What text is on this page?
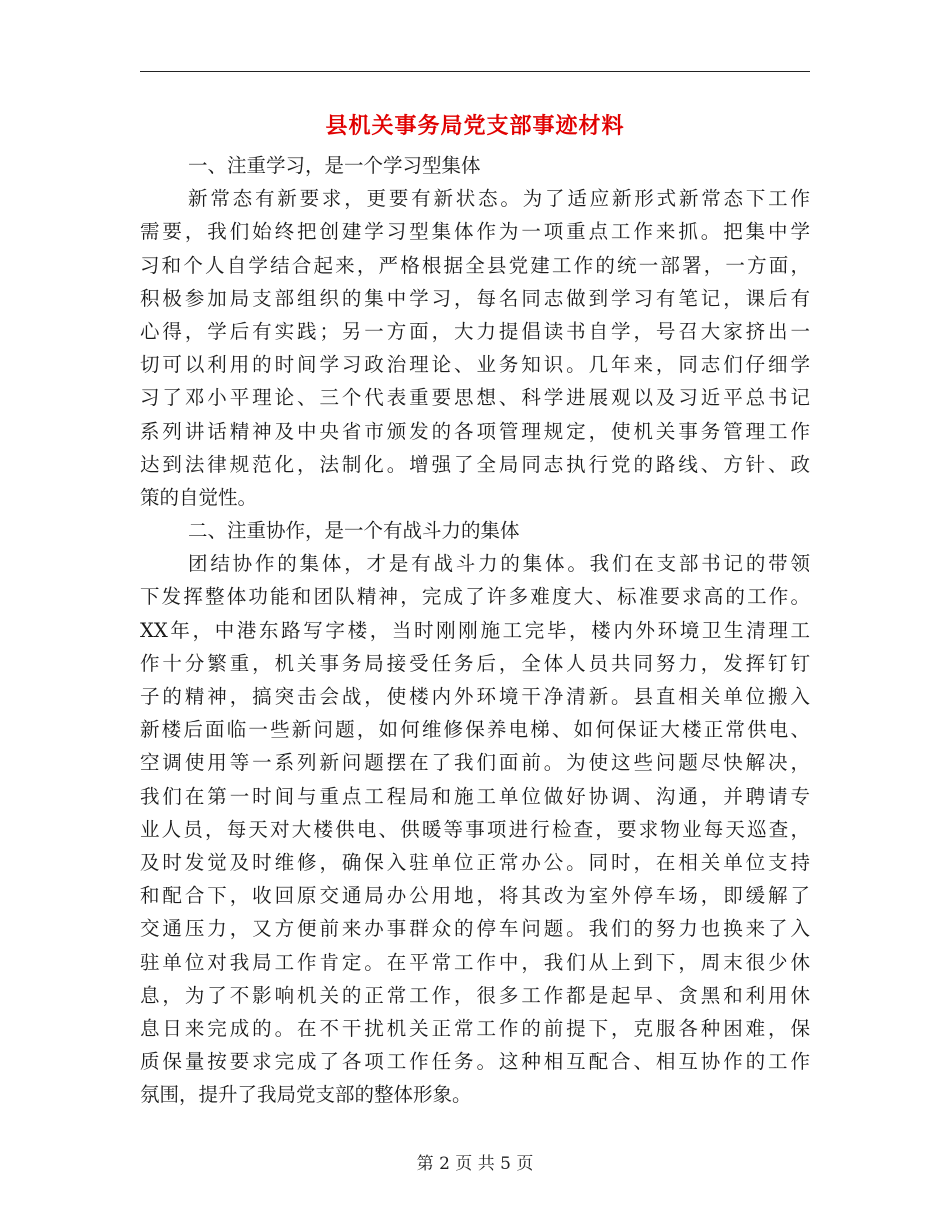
县机关事务局党支部事迹材料
一、注重学习，是一个学习型集体
新常态有新要求，更要有新状态。为了适应新形式新常态下工作
需要，我们始终把创建学习型集体作为一项重点工作来抓。把集中学
习和个人自学结合起来，严格根据全县党建工作的统一部署，一方面，
积极参加局支部组织的集中学习，每名同志做到学习有笔记，课后有
心得，学后有实践；另一方面，大力提倡读书自学，号召大家挤出一
切可以利用的时间学习政治理论、业务知识。几年来，同志们仔细学
习了邓小平理论、三个代表重要思想、科学进展观以及习近平总书记
系列讲话精神及中央省市颁发的各项管理规定，使机关事务管理工作
达到法律规范化，法制化。增强了全局同志执行党的路线、方针、政
策的自觉性。
二、注重协作，是一个有战斗力的集体
团结协作的集体，才是有战斗力的集体。我们在支部书记的带领
下发挥整体功能和团队精神，完成了许多难度大、标准要求高的工作。
XX年，中港东路写字楼，当时刚刚施工完毕，楼内外环境卫生清理工
作十分繁重，机关事务局接受任务后，全体人员共同努力，发挥钉钉
子的精神，搞突击会战，使楼内外环境干净清新。县直相关单位搬入
新楼后面临一些新问题，如何维修保养电梯、如何保证大楼正常供电、
空调使用等一系列新问题摆在了我们面前。为使这些问题尽快解决，
我们在第一时间与重点工程局和施工单位做好协调、沟通，并聘请专
业人员，每天对大楼供电、供暖等事项进行检查，要求物业每天巡查，
及时发觉及时维修，确保入驻单位正常办公。同时，在相关单位支持
和配合下，收回原交通局办公用地，将其改为室外停车场，即缓解了
交通压力，又方便前来办事群众的停车问题。我们的努力也换来了入
驻单位对我局工作肯定。在平常工作中，我们从上到下，周末很少休
息，为了不影响机关的正常工作，很多工作都是起早、贪黑和利用休
息日来完成的。在不干扰机关正常工作的前提下，克服各种困难，保
质保量按要求完成了各项工作任务。这种相互配合、相互协作的工作
氛围，提升了我局党支部的整体形象。
第 2 页 共 5 页
